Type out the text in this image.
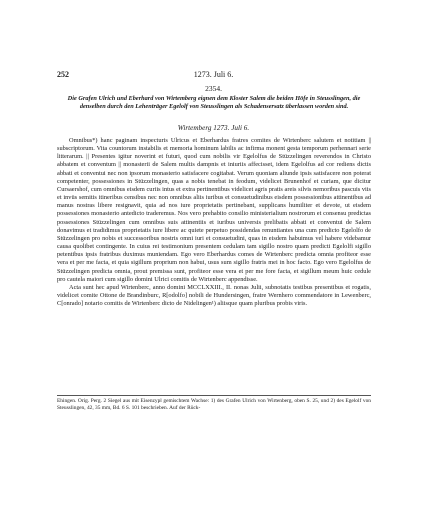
252	1273. Juli 6.
2354.
Die Grafen Ulrich und Eberhard von Wirtemberg eignen dem Kloster Salem die beiden Höfe in Steusslingen, die denselben durch den Lehenträger Egelolf von Steusslingen als Schadensersatz überlassen worden sind.
Wirtemberg 1273. Juli 6.

Omnibus*) hanc paginam inspecturis Ulricus et Eberhardus fratres comites de Wirtenberc salutem et notitiam || subscriptorum. Vita countorum instabilis et memoria hominum labilis ac infirma monent gesta temporum perhennari serie litterarum. || Presentes igitur noverint et futuri, quod cum nobilis vir Egelolfus de Stüzzelingen reverendos in Christo abbatem et conventum || monasterii de Salem multis dampnis et iniuriis affecisset, idem Egelolfus ad cor rediens dictis abbati et conventui nec non ipsorum monasterio satisfacere cogitabat. Verum quoniam aliunde ipsis satisfacere non poterat competenter, possessiones in Stüzzelingen, quas a nobis tenebat in feodum, videlicet Brunenhof et curiam, que dicitur Cursaershof, cum omnibus eisdem curiis intus et extra pertinentibus videlicet agris pratis areis silvis nemoribus pascuis viis et invüs semitis itineribus censibus nec non omnibus aliis iuribus et consuetudinibus eisdem possessionibus attinentibus ad manus nostras libere resignavit, quia ad nos iure proprietatis pertinebant, supplicans humiliter et devote, ut eisdem possessiones monasterio antedicto traderemus. Nos vero prehabito consilio ministerialium nostrorum et consensu predictas possessiones Stüzzelingen cum omnibus suis attinentiis et iuribus universis prelibatis abbati et conventui de Salem donavimus et tradidimus proprietatis iure libere ac quiete perpetuo possidendas renuntiantes una cum predicto Egelolfo de Stüzzelingen pro nobis et successoribus nostris omni iuri et consuetudini, quas in eisdem habuimus vel habere videbamur causa quolibet contingente. In cuius rei testimonium presentem cedulam tam sigillo nostro quam predicti Egelolfi sigillo petentibus ipsis fratribus duximus muniendam. Ego vero Eberhardus comes de Wirtenberc predicta omnia profiteor esse vera et per me facta, et quia sigillum proprium non habui, usus sum sigillo fratris mei in hoc facto. Ego vero Egelolfus de Stüzzelingen predicta omnia, prout premissa sunt, profiteor esse vera et per me fore facta, et sigillum meum huic cedule pro cautela maiori cum sigillo domini Ulrici comitis de Wirtenberc appendisse.

Acta sunt hec apud Wirtenberc, anno domini MCCLXXIII., II. nonas Julii, subnotatis testibus presentibus et rogatis, videlicet comite Ottone de Brandinburc, R[odolfo] nobili de Hundersingen, fratre Wernhero commendatore in Lewenberc, C[onrado] notario comitis de Wirtenberc dicto de Nidelingen¹) aliisque quam pluribus probis viris.

Ehingen. Orig. Perg. 2 Siegel aus mit Eisenzypl gemischtem Wachse: 1) des Grafen Ulrich von Wirtenberg, oben S. 25, und 2) des Egelolf von Steusslingen, 42, 35 mm, Bd. 6 S. 101 beschrieben. Auf der Rück-
